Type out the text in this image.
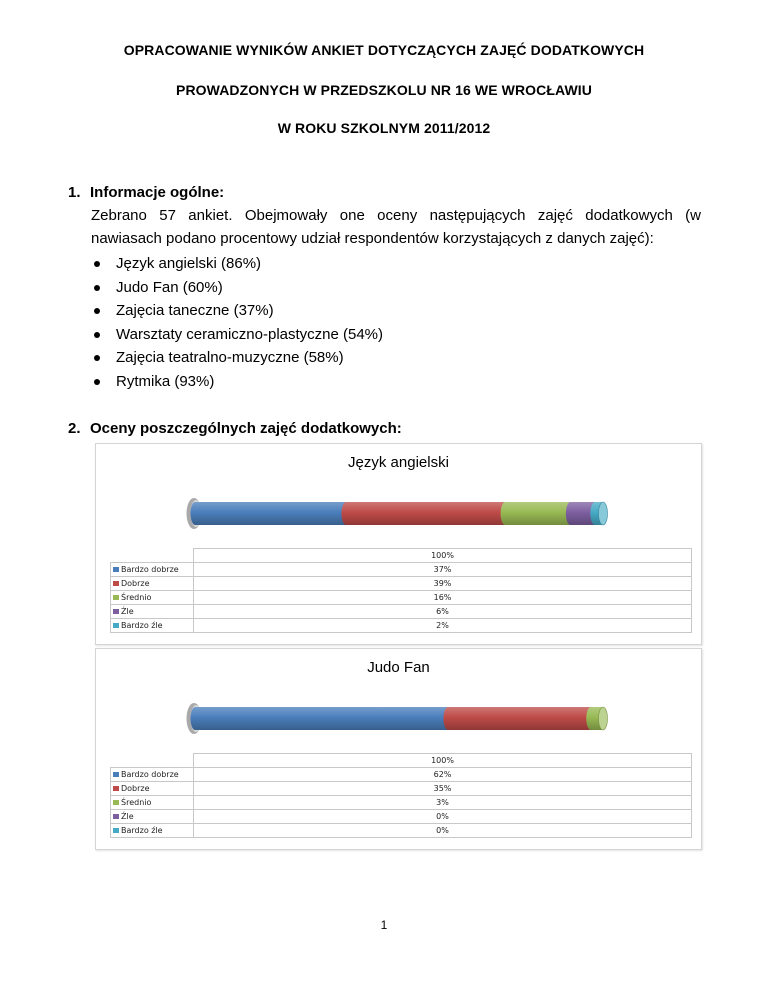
OPRACOWANIE WYNIKÓW ANKIET DOTYCZĄCYCH ZAJĘĆ DODATKOWYCH
PROWADZONYCH W PRZEDSZKOLU NR 16 WE WROCŁAWIU
W ROKU SZKOLNYM 2011/2012
1. Informacje ogólne:
Zebrano 57 ankiet. Obejmowały one oceny następujących zajęć dodatkowych (w nawiasach podano procentowy udział respondentów korzystających z danych zajęć):
Język angielski (86%)
Judo Fan (60%)
Zajęcia taneczne (37%)
Warsztaty ceramiczno-plastyczne (54%)
Zajęcia teatralno-muzyczne (58%)
Rytmika (93%)
2. Oceny poszczególnych zajęć dodatkowych:
Język angielski
	100%
Bardzo dobrze	37%
Dobrze	39%
Średnio	16%
Źle	6%
Bardzo źle	2%
Judo Fan
	100%
Bardzo dobrze	62%
Dobrze	35%
Średnio	3%
Źle	0%
Bardzo źle	0%
1
